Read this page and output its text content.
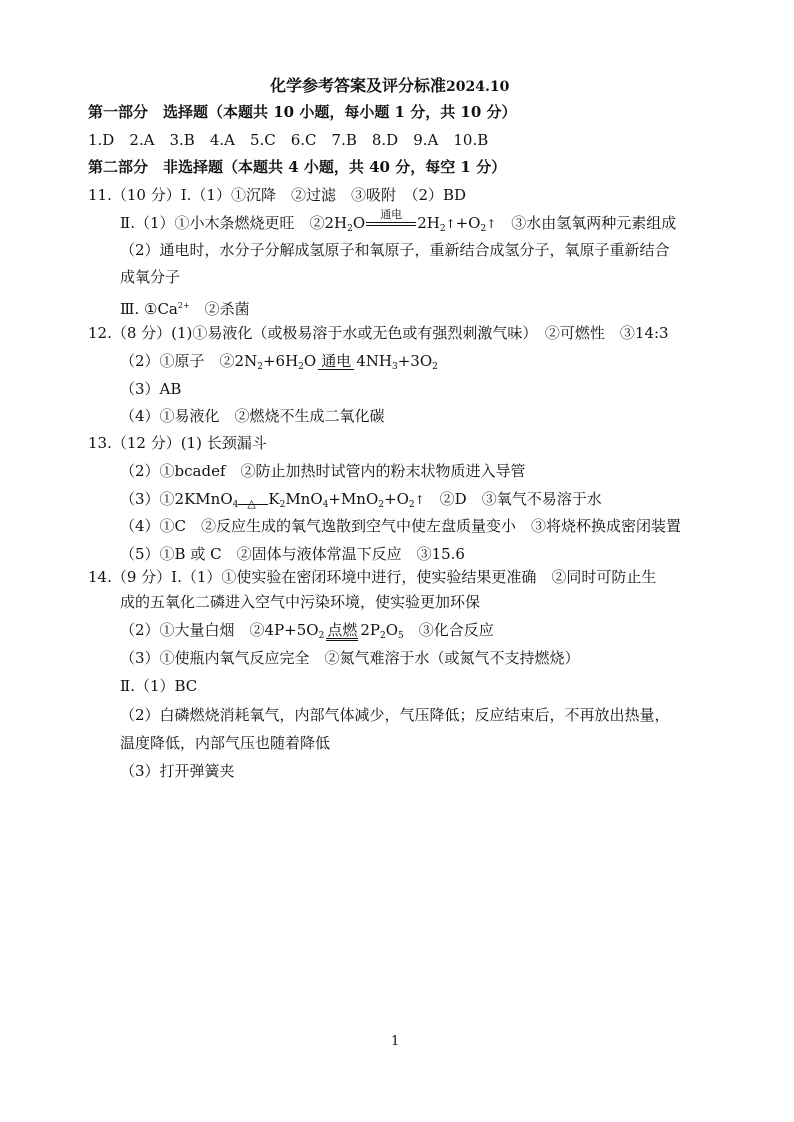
化学参考答案及评分标准2024.10
第一部分　选择题（本题共 10 小题，每小题 1 分，共 10 分）
1.D　2.A　3.B　4.A　5.C　6.C　7.B　8.D　9.A　10.B
第二部分　非选择题（本题共 4 小题，共 40 分，每空 1 分）
11.（10 分）Ⅰ.（1）①沉降　②过滤　③吸附　（2）BD
Ⅱ.（1）①小木条燃烧更旺　$②2H_2O$	通电	$2H_2↑+O_2↑$　③水由氢氧两种元素组成
（2）通电时，水分子分解成氢原子和氧原子，重新结合成氢分子，氧原子重新结合
成氧分子
Ⅲ. $①Ca^{2+}$　②杀菌
12.（8 分）(1)①易液化（或极易溶于水或无色或有强烈刺激气味）　②可燃性　③14:3
（2）①原子　$②2N_2+6H_2O$ 通电 $4NH_3+3O_2$
（3）AB
（4）①易液化　②燃烧不生成二氧化碳
13.（12 分）(1) 长颈漏斗
（2）①bcadef　②防止加热时试管内的粉末状物质进入导管
（3）①2KMnO$_4$ △ $K_2MnO_4+MnO_2+O_2↑$　②D　③氧气不易溶于水
（4）①C　②反应生成的氧气逸散到空气中使左盘质量变小　③将烧杯换成密闭装置
（5）①B 或 C　②固体与液体常温下反应　③15.6
14.（9 分）Ⅰ.（1）①使实验在密闭环境中进行，使实验结果更准确　②同时可防止生
成的五氧化二磷进入空气中污染环境，使实验更加环保
（2）①大量白烟　$②4P+5O_2$ 点燃 $2P_2O_5$　③化合反应
（3）①使瓶内氧气反应完全　②氮气难溶于水（或氮气不支持燃烧）
Ⅱ.（1）BC
（2）白磷燃烧消耗氧气，内部气体减少，气压降低；反应结束后，不再放出热量，
温度降低，内部气压也随着降低
（3）打开弹簧夹
1
